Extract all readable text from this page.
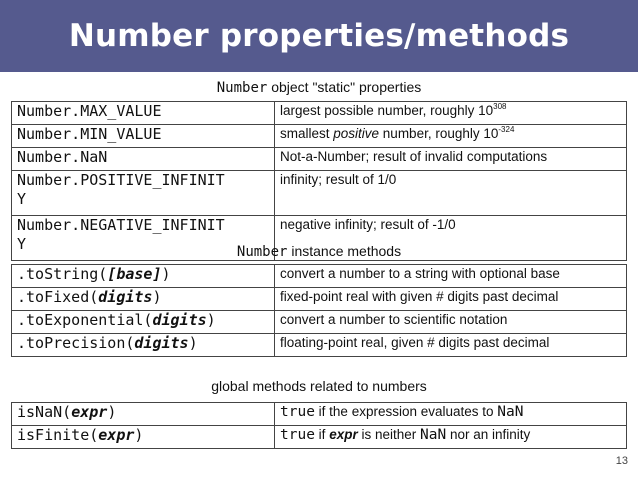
Number properties/methods
Number object "static" properties
Number.MAX_VALUE	largest possible number, roughly $10^{308}$
Number.MIN_VALUE	smallest positive number, roughly $10^{-324}$
Number.NaN	Not-a-Number; result of invalid computations
Number.POSITIVE_INFINIT
Y	infinity; result of 1/0
Number.NEGATIVE_INFINIT
Y	negative infinity; result of -1/0
Number instance methods
.toString([base])	convert a number to a string with optional base
.toFixed(digits)	fixed-point real with given # digits past decimal
.toExponential(digits)	convert a number to scientific notation
.toPrecision(digits)	floating-point real, given # digits past decimal
global methods related to numbers
isNaN(expr)	true if the expression evaluates to NaN
isFinite(expr)	true if expr is neither NaN nor an infinity
13
